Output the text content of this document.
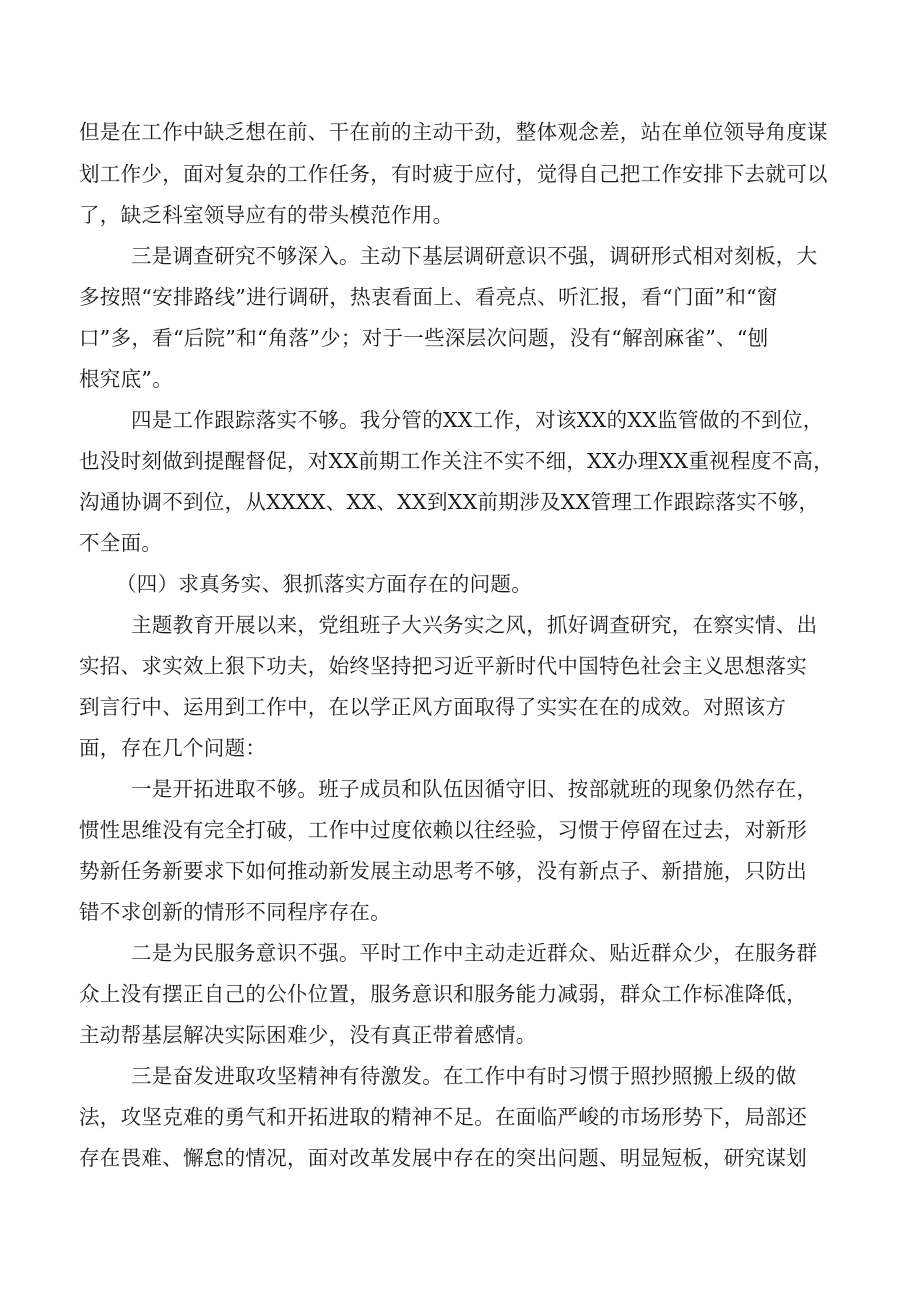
但是在工作中缺乏想在前、干在前的主动干劲，整体观念差，站在单位领导角度谋
划工作少，面对复杂的工作任务，有时疲于应付，觉得自己把工作安排下去就可以
了，缺乏科室领导应有的带头模范作用。
三是调查研究不够深入。主动下基层调研意识不强，调研形式相对刻板，大
多按照“安排路线”进行调研，热衷看面上、看亮点、听汇报，看“门面”和“窗
口”多，看“后院”和“角落”少；对于一些深层次问题，没有“解剖麻雀”、“刨
根究底”。
四是工作跟踪落实不够。我分管的XX工作，对该XX的XX监管做的不到位，
也没时刻做到提醒督促，对XX前期工作关注不实不细，XX办理XX重视程度不高，
沟通协调不到位，从XXXX、XX、XX到XX前期涉及XX管理工作跟踪落实不够，
不全面。
（四）求真务实、狠抓落实方面存在的问题。
主题教育开展以来，党组班子大兴务实之风，抓好调查研究，在察实情、出
实招、求实效上狠下功夫，始终坚持把习近平新时代中国特色社会主义思想落实
到言行中、运用到工作中，在以学正风方面取得了实实在在的成效。对照该方
面，存在几个问题：
一是开拓进取不够。班子成员和队伍因循守旧、按部就班的现象仍然存在，
惯性思维没有完全打破，工作中过度依赖以往经验，习惯于停留在过去，对新形
势新任务新要求下如何推动新发展主动思考不够，没有新点子、新措施，只防出
错不求创新的情形不同程序存在。
二是为民服务意识不强。平时工作中主动走近群众、贴近群众少，在服务群
众上没有摆正自己的公仆位置，服务意识和服务能力减弱，群众工作标准降低，
主动帮基层解决实际困难少，没有真正带着感情。
三是奋发进取攻坚精神有待激发。在工作中有时习惯于照抄照搬上级的做
法，攻坚克难的勇气和开拓进取的精神不足。在面临严峻的市场形势下，局部还
存在畏难、懈怠的情况，面对改革发展中存在的突出问题、明显短板，研究谋划
